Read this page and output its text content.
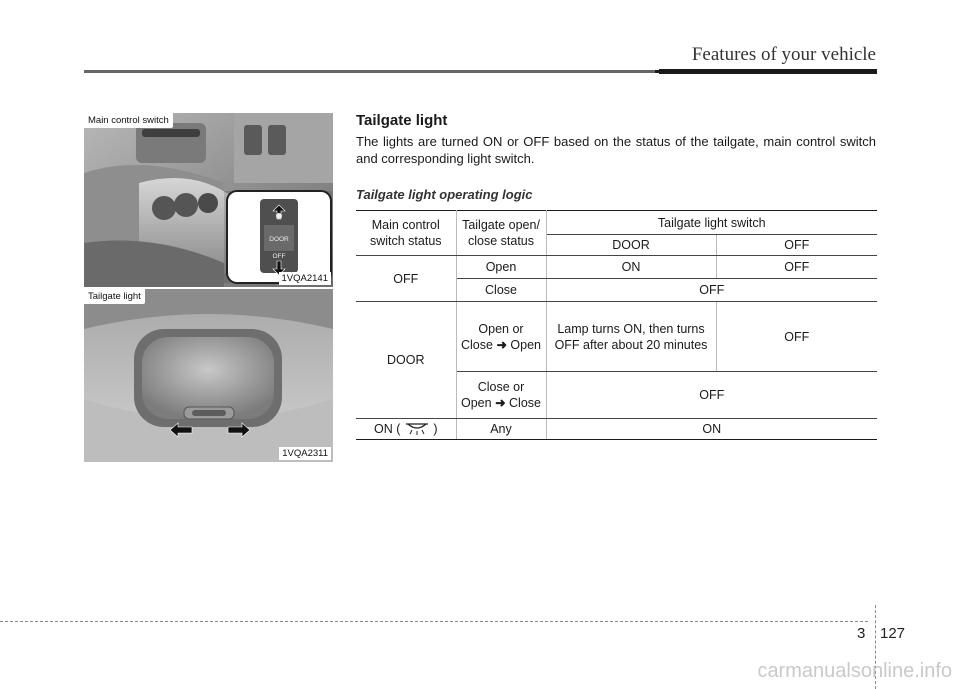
Features of your vehicle
DOOR
OFF
Main control switch
1VQA2141
Tailgate light
1VQA2311
Tailgate light
The lights are turned ON or OFF based on the status of the tailgate, main control switch and corresponding light switch.
Tailgate light operating logic
Main control switch status	Tailgate open/ close status	Tailgate light switch	
		DOOR	OFF
OFF	Open	ON	OFF
	Close	OFF	
DOOR	Open or
Close ➜ Open	Lamp turns ON, then turns OFF after about 20 minutes	OFF
	Close or
Open ➜ Close	OFF	
ON ( )	Any	ON	
3 127
carmanualsonline.info
